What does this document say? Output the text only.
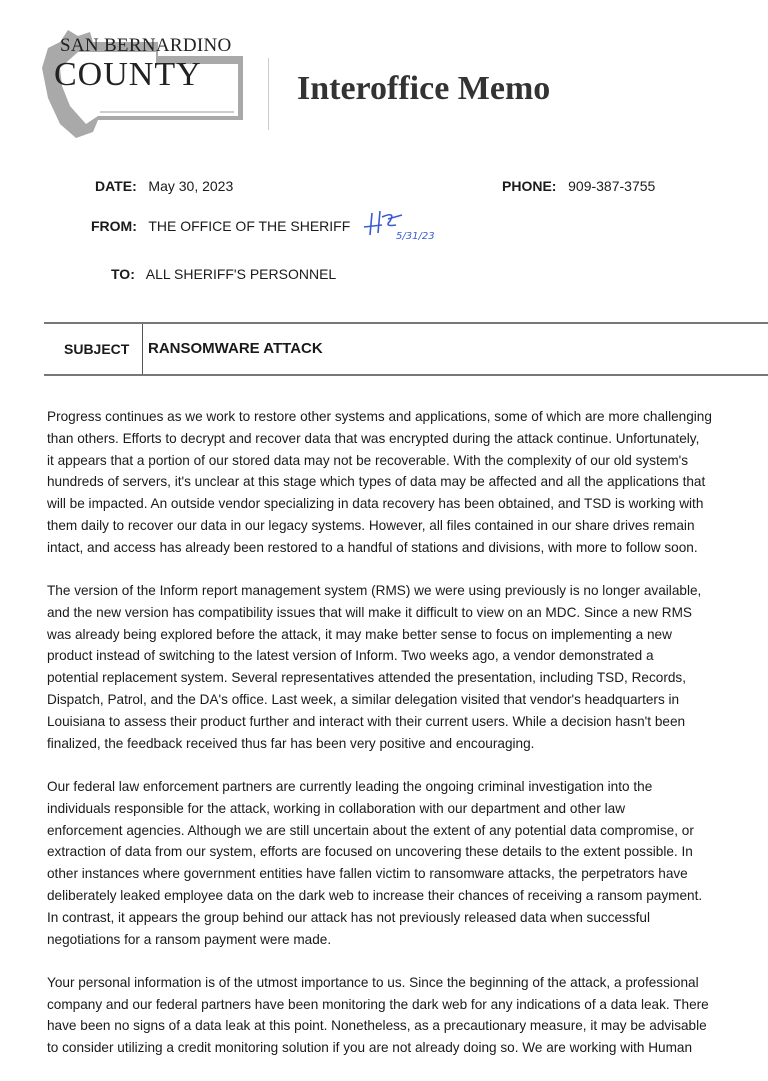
SAN BERNARDINO
COUNTY	Interoffice Memo
DATE: May 30, 2023	PHONE: 909-387-3755
FROM: THE OFFICE OF THE SHERIFF
5/31/23
TO: ALL SHERIFF'S PERSONNEL
SUBJECT RANSOMWARE ATTACK

Progress continues as we work to restore other systems and applications, some of which are more challenging
than others. Efforts to decrypt and recover data that was encrypted during the attack continue. Unfortunately,
it appears that a portion of our stored data may not be recoverable. With the complexity of our old system's
hundreds of servers, it's unclear at this stage which types of data may be affected and all the applications that
will be impacted. An outside vendor specializing in data recovery has been obtained, and TSD is working with
them daily to recover our data in our legacy systems. However, all files contained in our share drives remain
intact, and access has already been restored to a handful of stations and divisions, with more to follow soon.

The version of the Inform report management system (RMS) we were using previously is no longer available,
and the new version has compatibility issues that will make it difficult to view on an MDC. Since a new RMS
was already being explored before the attack, it may make better sense to focus on implementing a new
product instead of switching to the latest version of Inform. Two weeks ago, a vendor demonstrated a
potential replacement system. Several representatives attended the presentation, including TSD, Records,
Dispatch, Patrol, and the DA's office. Last week, a similar delegation visited that vendor's headquarters in
Louisiana to assess their product further and interact with their current users. While a decision hasn't been
finalized, the feedback received thus far has been very positive and encouraging.

Our federal law enforcement partners are currently leading the ongoing criminal investigation into the
individuals responsible for the attack, working in collaboration with our department and other law
enforcement agencies. Although we are still uncertain about the extent of any potential data compromise, or
extraction of data from our system, efforts are focused on uncovering these details to the extent possible. In
other instances where government entities have fallen victim to ransomware attacks, the perpetrators have
deliberately leaked employee data on the dark web to increase their chances of receiving a ransom payment.
In contrast, it appears the group behind our attack has not previously released data when successful
negotiations for a ransom payment were made.

Your personal information is of the utmost importance to us. Since the beginning of the attack, a professional
company and our federal partners have been monitoring the dark web for any indications of a data leak. There
have been no signs of a data leak at this point. Nonetheless, as a precautionary measure, it may be advisable
to consider utilizing a credit monitoring solution if you are not already doing so. We are working with Human
